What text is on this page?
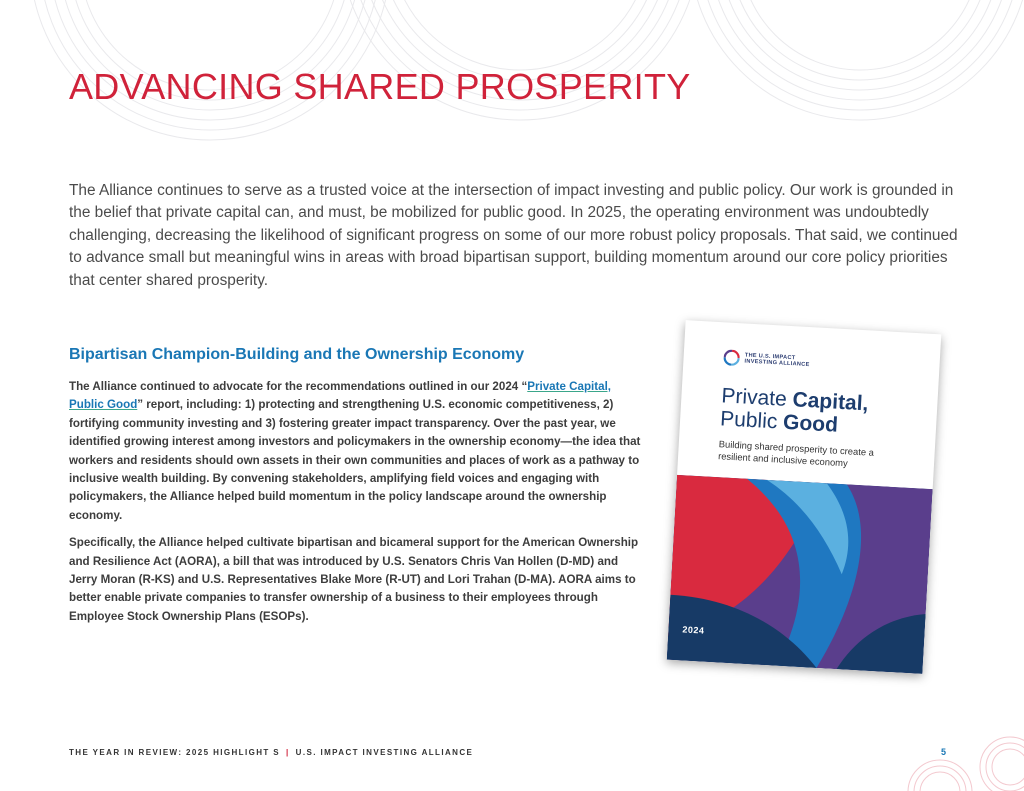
ADVANCING SHARED PROSPERITY

The Alliance continues to serve as a trusted voice at the intersection of impact investing and public policy. Our work is grounded in the belief that private capital can, and must, be mobilized for public good. In 2025, the operating environment was undoubtedly challenging, decreasing the likelihood of significant progress on some of our more robust policy proposals. That said, we continued to advance small but meaningful wins in areas with broad bipartisan support, building momentum around our core policy priorities that center shared prosperity.

Bipartisan Champion-Building and the Ownership Economy

The Alliance continued to advocate for the recommendations outlined in our 2024 “Private Capital, Public Good” report, including: 1) protecting and strengthening U.S. economic competitiveness, 2) fortifying community investing and 3) fostering greater impact transparency. Over the past year, we identified growing interest among investors and policymakers in the ownership economy—the idea that workers and residents should own assets in their own communities and places of work as a pathway to inclusive wealth building. By convening stakeholders, amplifying field voices and engaging with policymakers, the Alliance helped build momentum in the policy landscape around the ownership economy.

Specifically, the Alliance helped cultivate bipartisan and bicameral support for the American Ownership and Resilience Act (AORA), a bill that was introduced by U.S. Senators Chris Van Hollen (D-MD) and Jerry Moran (R-KS) and U.S. Representatives Blake More (R-UT) and Lori Trahan (D-MA). AORA aims to better enable private companies to transfer ownership of a business to their employees through Employee Stock Ownership Plans (ESOPs).

THE U.S. IMPACT INVESTING ALLIANCE
Private Capital,
Public Good

Building shared prosperity to create a resilient and inclusive economy

2024
THE YEAR IN REVIEW: 2025 HIGHLIGHT S | U.S. IMPACT INVESTING ALLIANCE	5
